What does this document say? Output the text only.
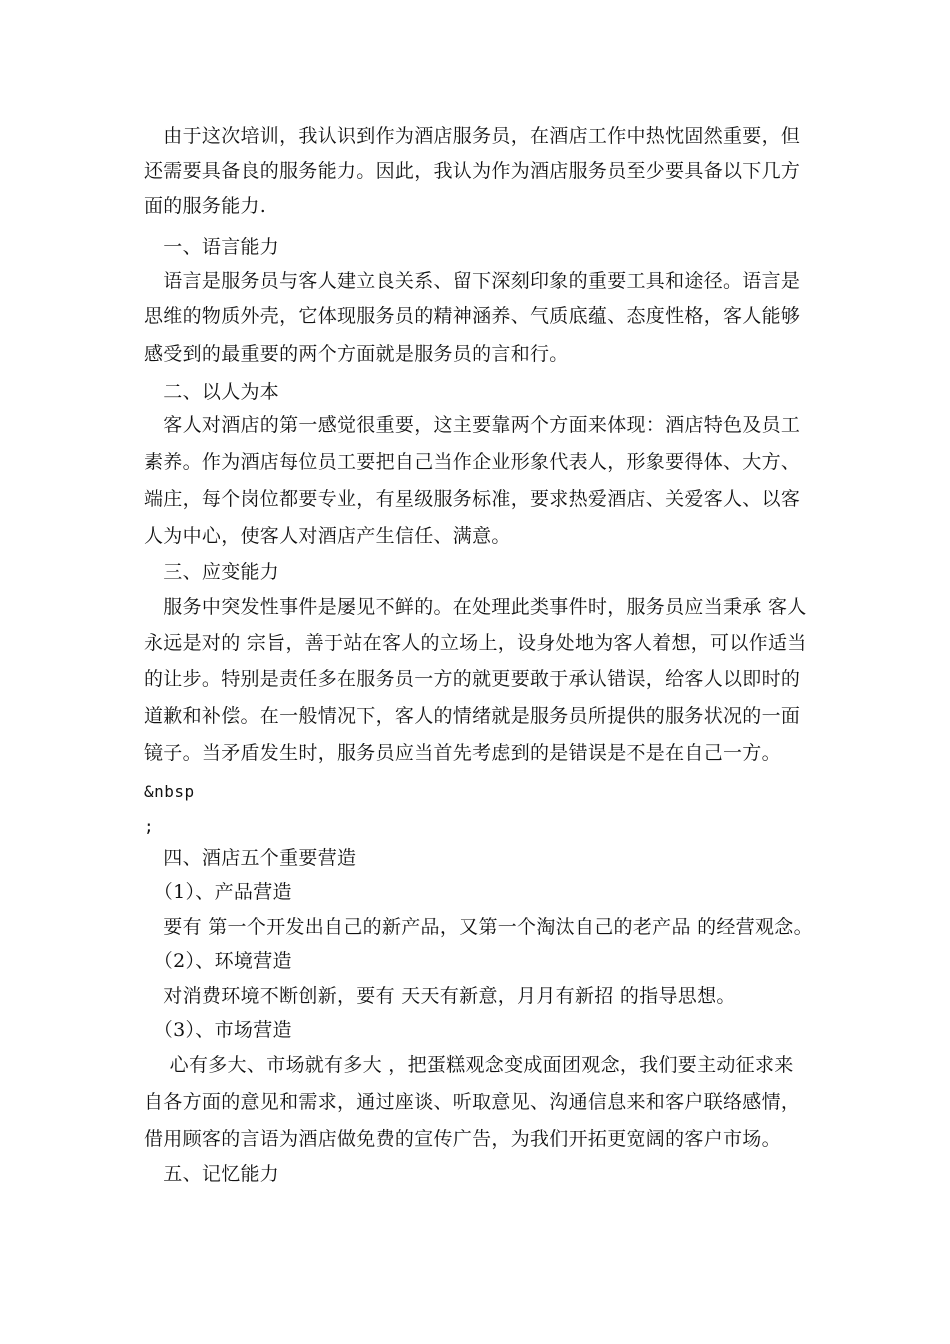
　由于这次培训，我认识到作为酒店服务员，在酒店工作中热忱固然重要，但
还需要具备良的服务能力。因此，我认为作为酒店服务员至少要具备以下几方
面的服务能力.
　一、语言能力
　语言是服务员与客人建立良关系、留下深刻印象的重要工具和途径。语言是
思维的物质外壳，它体现服务员的精神涵养、气质底蕴、态度性格，客人能够
感受到的最重要的两个方面就是服务员的言和行。
　二、以人为本
　客人对酒店的第一感觉很重要，这主要靠两个方面来体现：酒店特色及员工
素养。作为酒店每位员工要把自己当作企业形象代表人，形象要得体、大方、
端庄，每个岗位都要专业，有星级服务标准，要求热爱酒店、关爱客人、以客
人为中心，使客人对酒店产生信任、满意。
　三、应变能力
　服务中突发性事件是屡见不鲜的。在处理此类事件时，服务员应当秉承 客人
永远是对的 宗旨，善于站在客人的立场上，设身处地为客人着想，可以作适当
的让步。特别是责任多在服务员一方的就更要敢于承认错误，给客人以即时的
道歉和补偿。在一般情况下，客人的情绪就是服务员所提供的服务状况的一面
镜子。当矛盾发生时，服务员应当首先考虑到的是错误是不是在自己一方。
&nbsp
;
　四、酒店五个重要营造
　（1）、产品营造
　要有 第一个开发出自己的新产品，又第一个淘汰自己的老产品 的经营观念。
　（2）、环境营造
　对消费环境不断创新，要有 天天有新意，月月有新招 的指导思想。
　（3）、市场营造
　 心有多大、市场就有多大 ，把蛋糕观念变成面团观念，我们要主动征求来
自各方面的意见和需求，通过座谈、听取意见、沟通信息来和客户联络感情，
借用顾客的言语为酒店做免费的宣传广告，为我们开拓更宽阔的客户市场。
　五、记忆能力
